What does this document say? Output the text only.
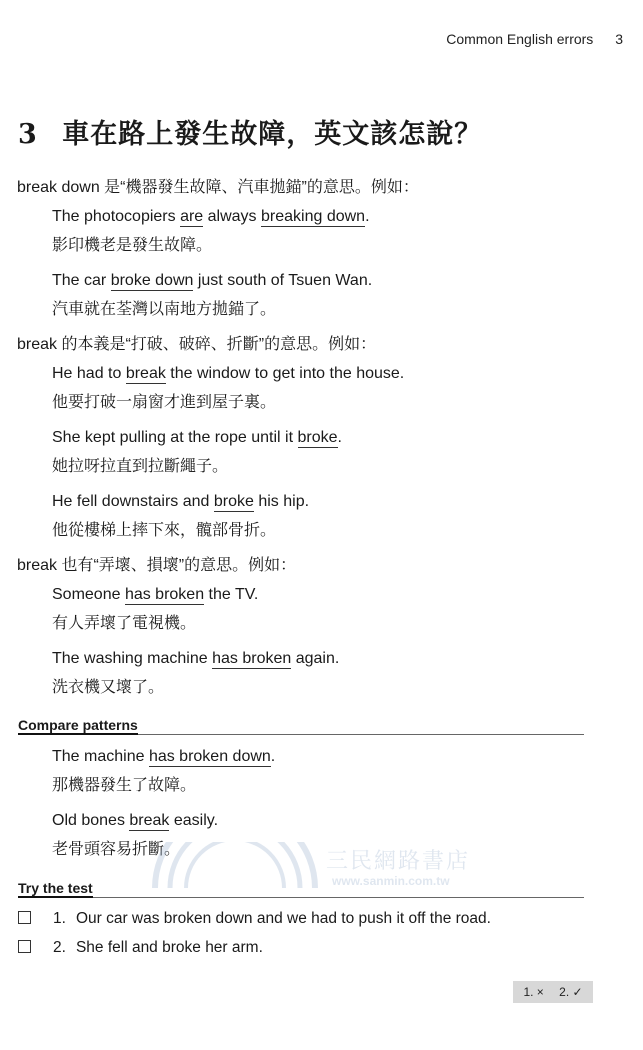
Common English errors 3
3 車在路上發生故障，英文該怎說？
break down 是“機器發生故障、汽車拋錨”的意思。例如：
The photocopiers are always breaking down.
影印機老是發生故障。
The car broke down just south of Tsuen Wan.
汽車就在荃灣以南地方拋錨了。
break 的本義是“打破、破碎、折斷”的意思。例如：
He had to break the window to get into the house.
他要打破一扇窗才進到屋子裏。
She kept pulling at the rope until it broke.
她拉呀拉直到拉斷繩子。
He fell downstairs and broke his hip.
他從樓梯上摔下來，髖部骨折。
break 也有“弄壞、損壞”的意思。例如：
Someone has broken the TV.
有人弄壞了電視機。
The washing machine has broken again.
洗衣機又壞了。
Compare patterns
The machine has broken down.
那機器發生了故障。
Old bones break easily.
老骨頭容易折斷。	三民網路書店
www.sanmin.com.tw
Try the test
1. Our car was broken down and we had to push it off the road.
2. She fell and broke her arm.
1. × 2. ✓
